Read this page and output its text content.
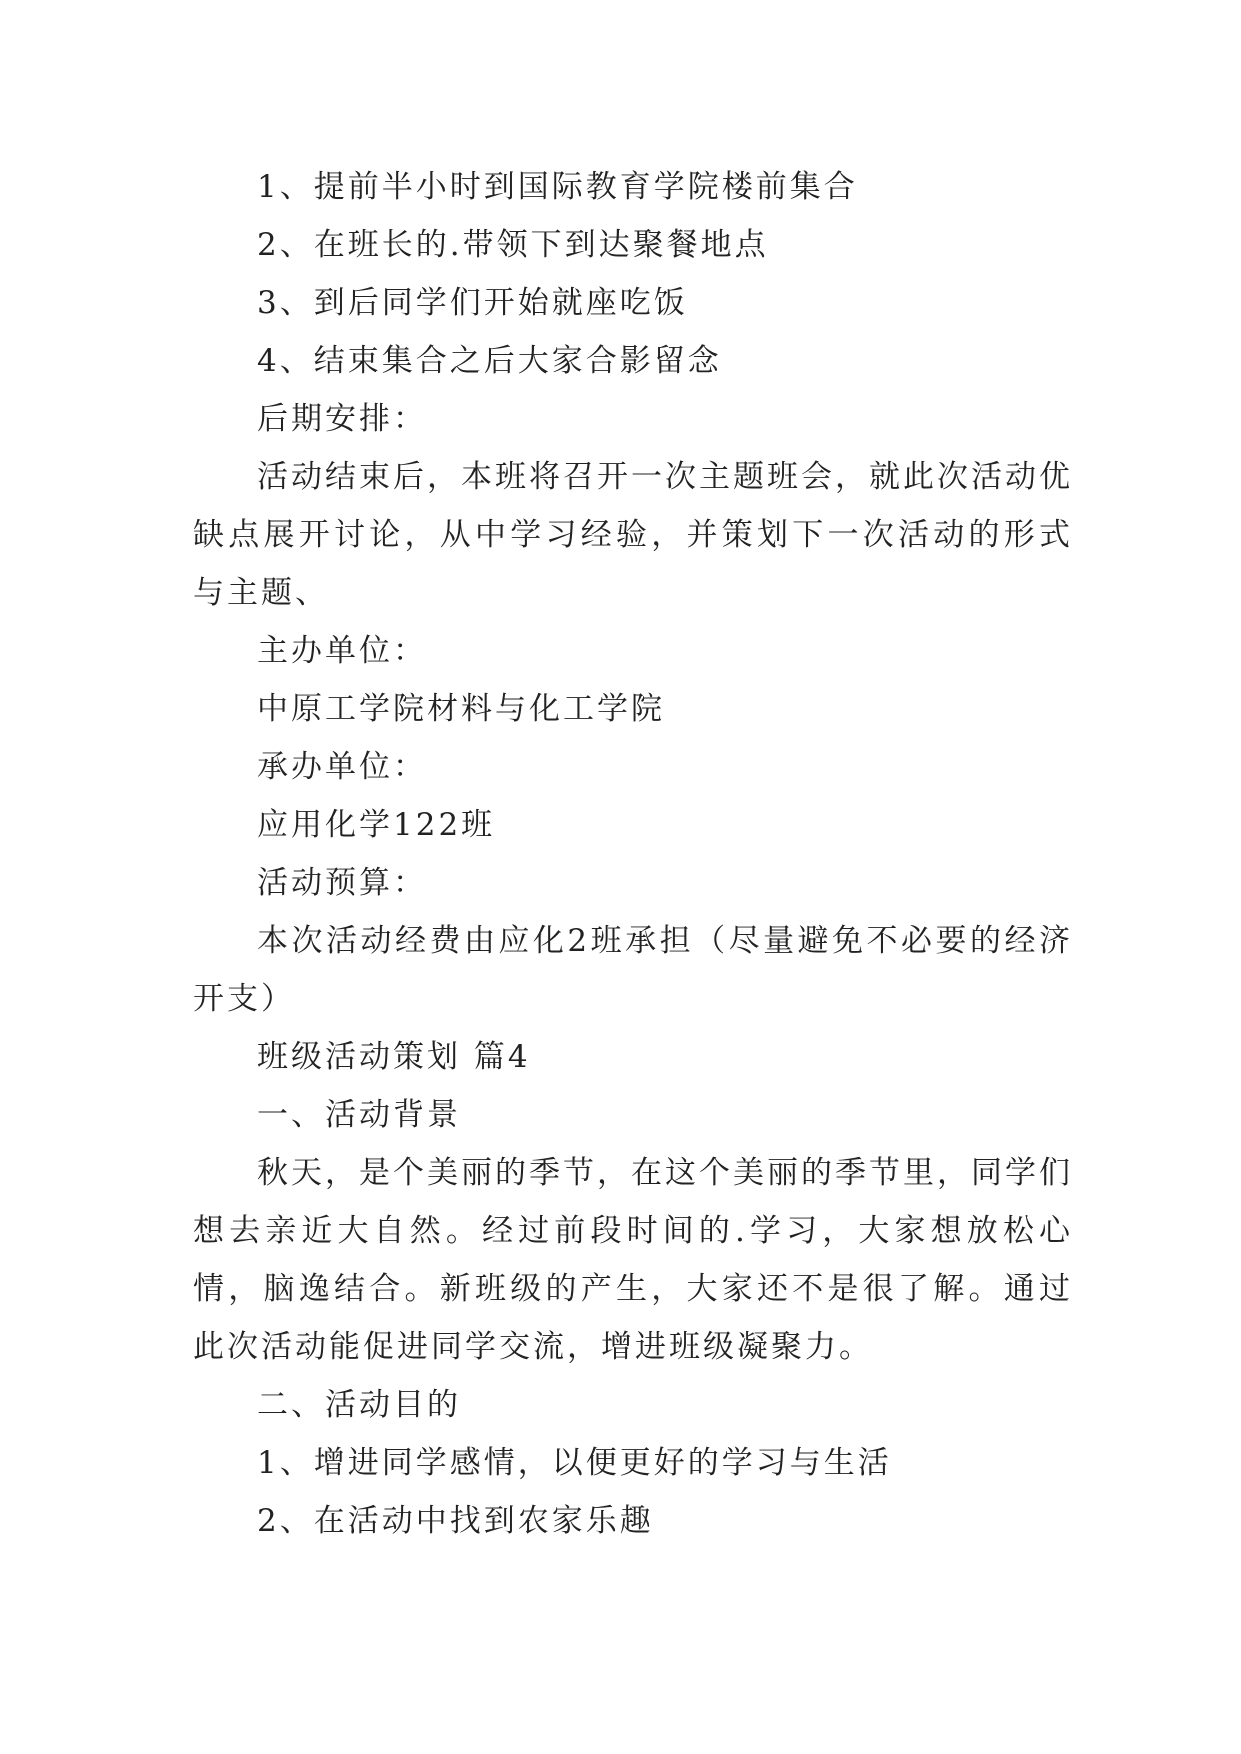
1、提前半小时到国际教育学院楼前集合

2、在班长的.带领下到达聚餐地点

3、到后同学们开始就座吃饭

4、结束集合之后大家合影留念

后期安排：

活动结束后，本班将召开一次主题班会，就此次活动优缺点展开讨论，从中学习经验，并策划下一次活动的形式与主题、

主办单位：

中原工学院材料与化工学院

承办单位：

应用化学122班

活动预算：

本次活动经费由应化2班承担（尽量避免不必要的经济开支）

班级活动策划 篇4

一、活动背景

秋天，是个美丽的季节，在这个美丽的季节里，同学们想去亲近大自然。经过前段时间的.学习，大家想放松心情，脑逸结合。新班级的产生，大家还不是很了解。通过此次活动能促进同学交流，增进班级凝聚力。

二、活动目的

1、增进同学感情，以便更好的学习与生活

2、在活动中找到农家乐趣
